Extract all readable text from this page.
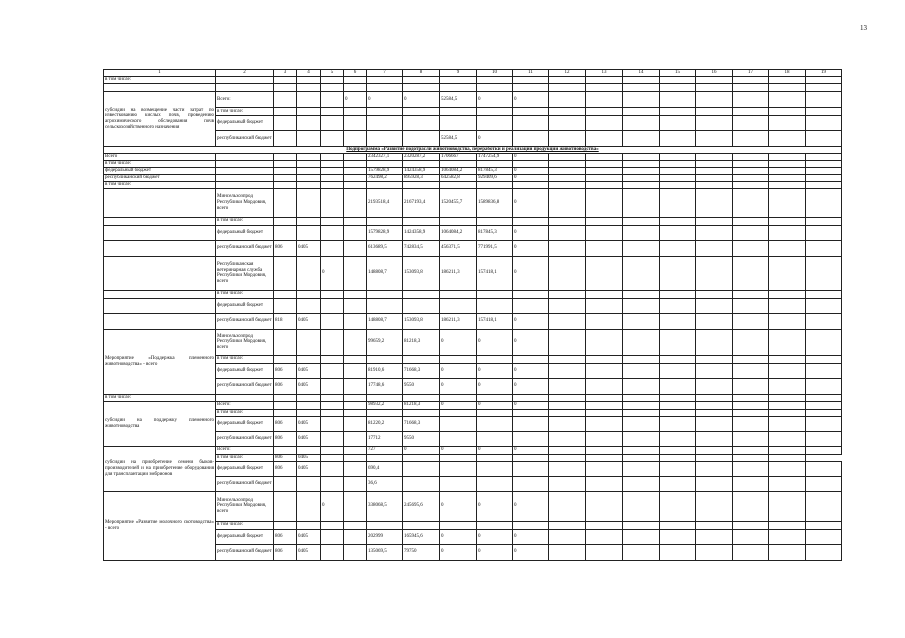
13
1	2	3	4	5	6	7	8	9	10	11	12	13	14	15	16	17	18	19
в том числе:																		

субсидии на возмещение части затрат по известкованию кислых почв, проведению агрохимического обследования почв сельскохозяйственного назначения	Всего:				0	0	0	52584,5	0	0								
	в том числе:																	
	федеральный бюджет																	
	республиканский бюджет							52584,5	0									
Подпрограмма «Развитие подотрасли животноводства, переработки и реализации продукции животноводства»																		
Всего						2342327,1	2320287,2	1706667	1747254,9	0								
в том числе:																		
федеральный бюджет						1579828,9	1424358,9	1064084,2	817845,3	0								
республиканский бюджет						762498,2	895928,3	642582,8	929409,6	0								
в том числе:																		
	Минсельхозпрод Республики Мордовия, всего					2193518,4	2167193,4	1520455,7	1589836,8	0								
	в том числе:																	
	федеральный бюджет					1579828,9	1424358,9	1064084,2	817845,3	0								
	республиканский бюджет	806	0405			613689,5	742834,5	456371,5	771991,5	0								
	Республиканская ветеринарная служба Республики Мордовия, всего			0		148808,7	153093,8	186211,3	157418,1	0								
	в том числе:																	
	федеральный бюджет																	
	республиканский бюджет	818	0405			148808,7	153093,8	186211,3	157418,1	0								
Мероприятие «Поддержка племенного животноводства» - всего	Минсельхозпрод Республики Мордовия, всего					99659,2	81218,3	0	0	0								
	в том числе:																	
	федеральный бюджет	806	0405			81910,6	71668,3	0	0	0								
	республиканский бюджет	806	0405			17748,6	9550	0	0	0								
в том числе:																		
субсидии на поддержку племенного животноводства	Всего:					98932,2	81218,3	0	0	0								
	в том числе:																	
	федеральный бюджет	806	0405			81220,2	71668,3											
	республиканский бюджет	806	0405			17712	9550											
субсидии на приобретение семени быков-производителей и на приобретение оборудования для трансплантации эмбрионов	Всего:					727	0	0	0	0								
	в том числе:	806	0405															
	федеральный бюджет	806	0405			690,4												
	республиканский бюджет					36,6												
Мероприятие «Развитие молочного скотоводства» - всего	Минсельхозпрод Республики Мордовия, всего			0		338068,5	245695,6	0	0	0								
	в том числе:																	
	федеральный бюджет	806	0405			202999	165945,6	0	0	0								
	республиканский бюджет	806	0405			135069,5	79750	0	0	0								
